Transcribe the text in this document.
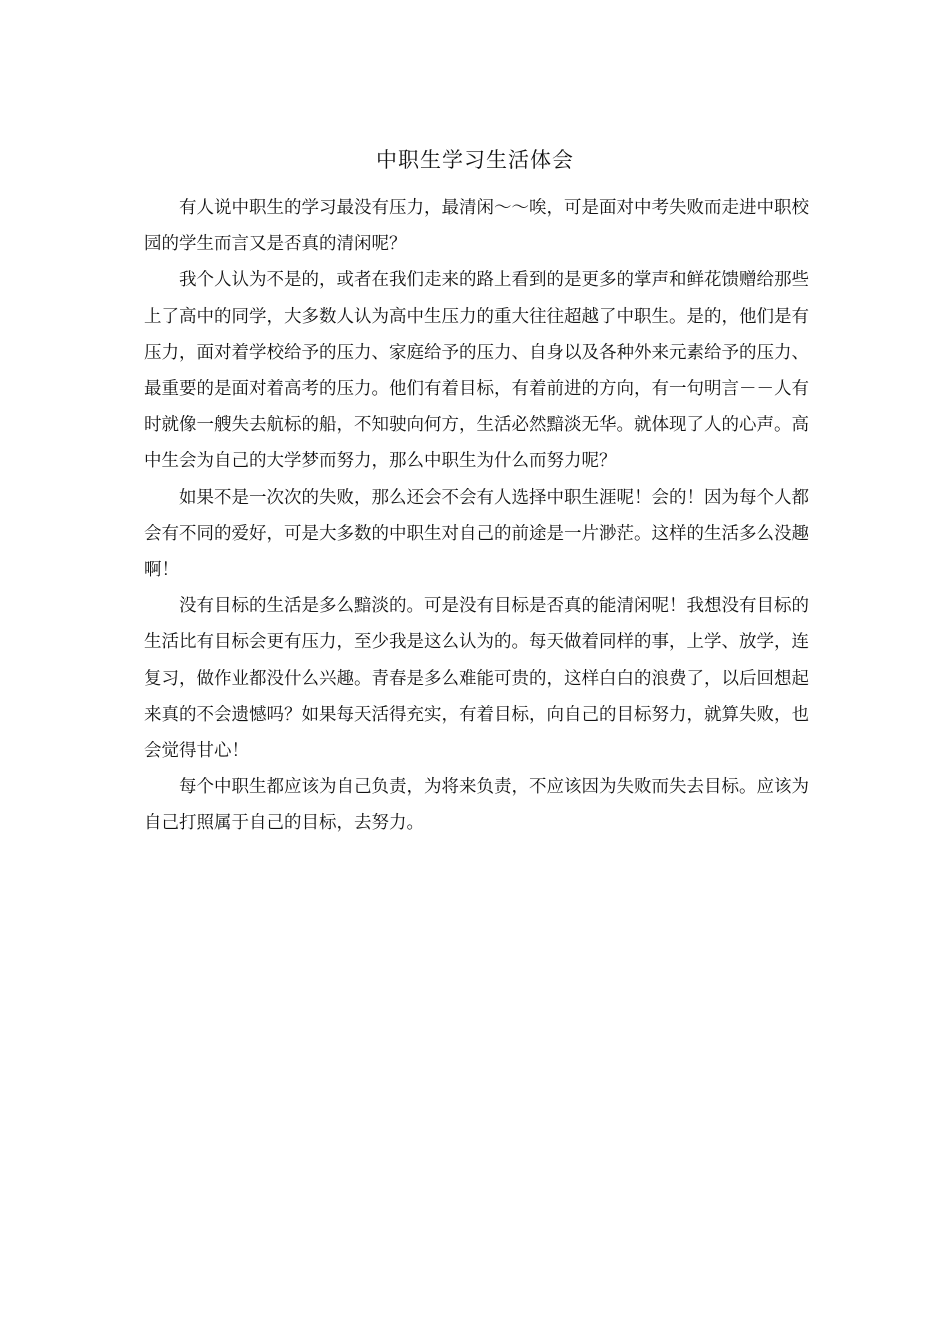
中职生学习生活体会

有人说中职生的学习最没有压力，最清闲～～唉，可是面对中考失败而走进中职校园的学生而言又是否真的清闲呢？

我个人认为不是的，或者在我们走来的路上看到的是更多的掌声和鲜花馈赠给那些上了高中的同学，大多数人认为高中生压力的重大往往超越了中职生。是的，他们是有压力，面对着学校给予的压力、家庭给予的压力、自身以及各种外来元素给予的压力、最重要的是面对着高考的压力。他们有着目标，有着前进的方向，有一句明言－－人有时就像一艘失去航标的船，不知驶向何方，生活必然黯淡无华。就体现了人的心声。高中生会为自己的大学梦而努力，那么中职生为什么而努力呢？

如果不是一次次的失败，那么还会不会有人选择中职生涯呢！会的！因为每个人都会有不同的爱好，可是大多数的中职生对自己的前途是一片渺茫。这样的生活多么没趣啊！

没有目标的生活是多么黯淡的。可是没有目标是否真的能清闲呢！我想没有目标的生活比有目标会更有压力，至少我是这么认为的。每天做着同样的事，上学、放学，连复习，做作业都没什么兴趣。青春是多么难能可贵的，这样白白的浪费了，以后回想起来真的不会遗憾吗？如果每天活得充实，有着目标，向自己的目标努力，就算失败，也会觉得甘心！

每个中职生都应该为自己负责，为将来负责，不应该因为失败而失去目标。应该为自己打照属于自己的目标，去努力。
